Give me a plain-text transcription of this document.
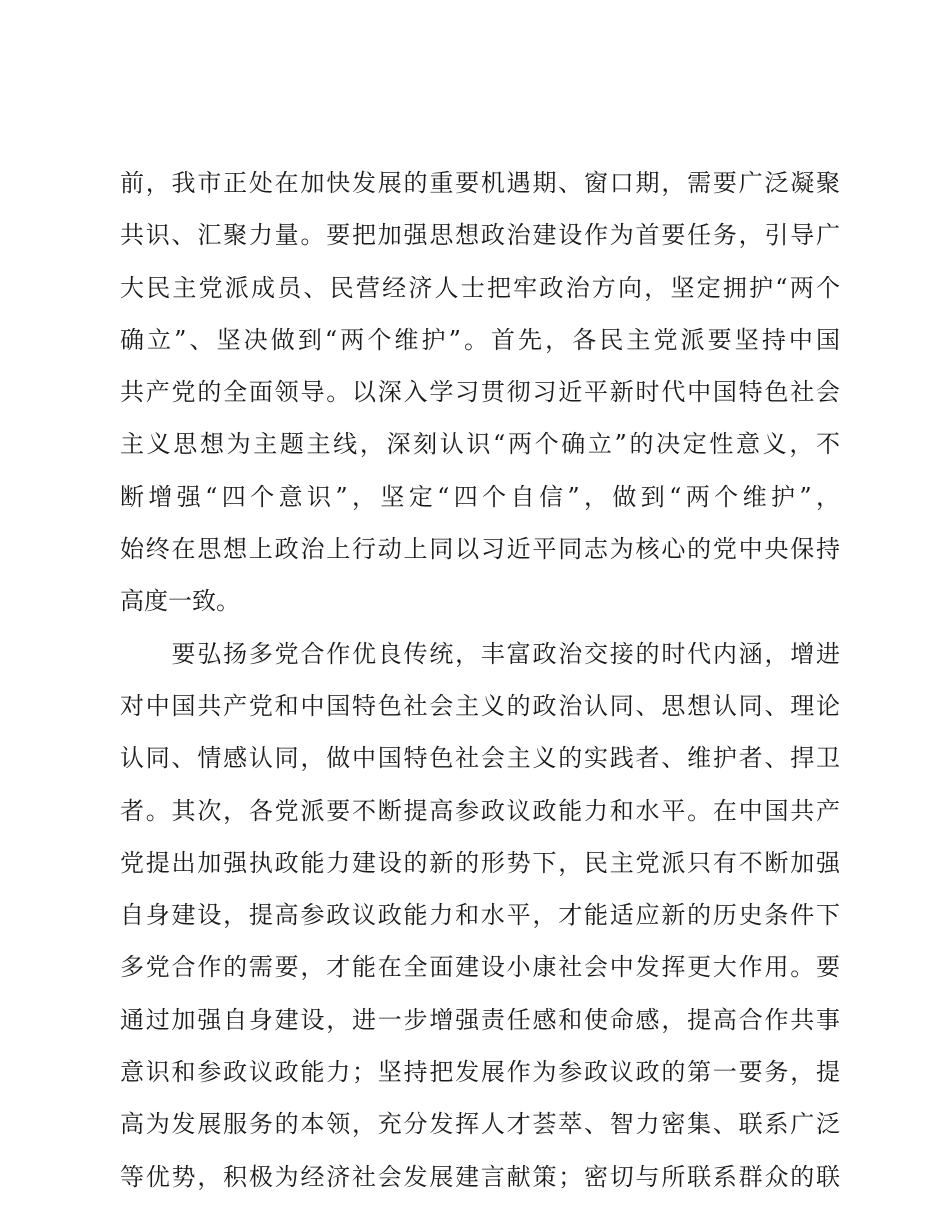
前，我市正处在加快发展的重要机遇期、窗口期，需要广泛凝聚
共识、汇聚力量。要把加强思想政治建设作为首要任务，引导广
大民主党派成员、民营经济人士把牢政治方向，坚定拥护“两个
确立”、坚决做到“两个维护”。首先，各民主党派要坚持中国
共产党的全面领导。以深入学习贯彻习近平新时代中国特色社会
主义思想为主题主线，深刻认识“两个确立”的决定性意义，不
断增强“四个意识”，坚定“四个自信”，做到“两个维护”，
始终在思想上政治上行动上同以习近平同志为核心的党中央保持
高度一致。
　　要弘扬多党合作优良传统，丰富政治交接的时代内涵，增进
对中国共产党和中国特色社会主义的政治认同、思想认同、理论
认同、情感认同，做中国特色社会主义的实践者、维护者、捍卫
者。其次，各党派要不断提高参政议政能力和水平。在中国共产
党提出加强执政能力建设的新的形势下，民主党派只有不断加强
自身建设，提高参政议政能力和水平，才能适应新的历史条件下
多党合作的需要，才能在全面建设小康社会中发挥更大作用。要
通过加强自身建设，进一步增强责任感和使命感，提高合作共事
意识和参政议政能力；坚持把发展作为参政议政的第一要务，提
高为发展服务的本领，充分发挥人才荟萃、智力密集、联系广泛
等优势，积极为经济社会发展建言献策；密切与所联系群众的联
